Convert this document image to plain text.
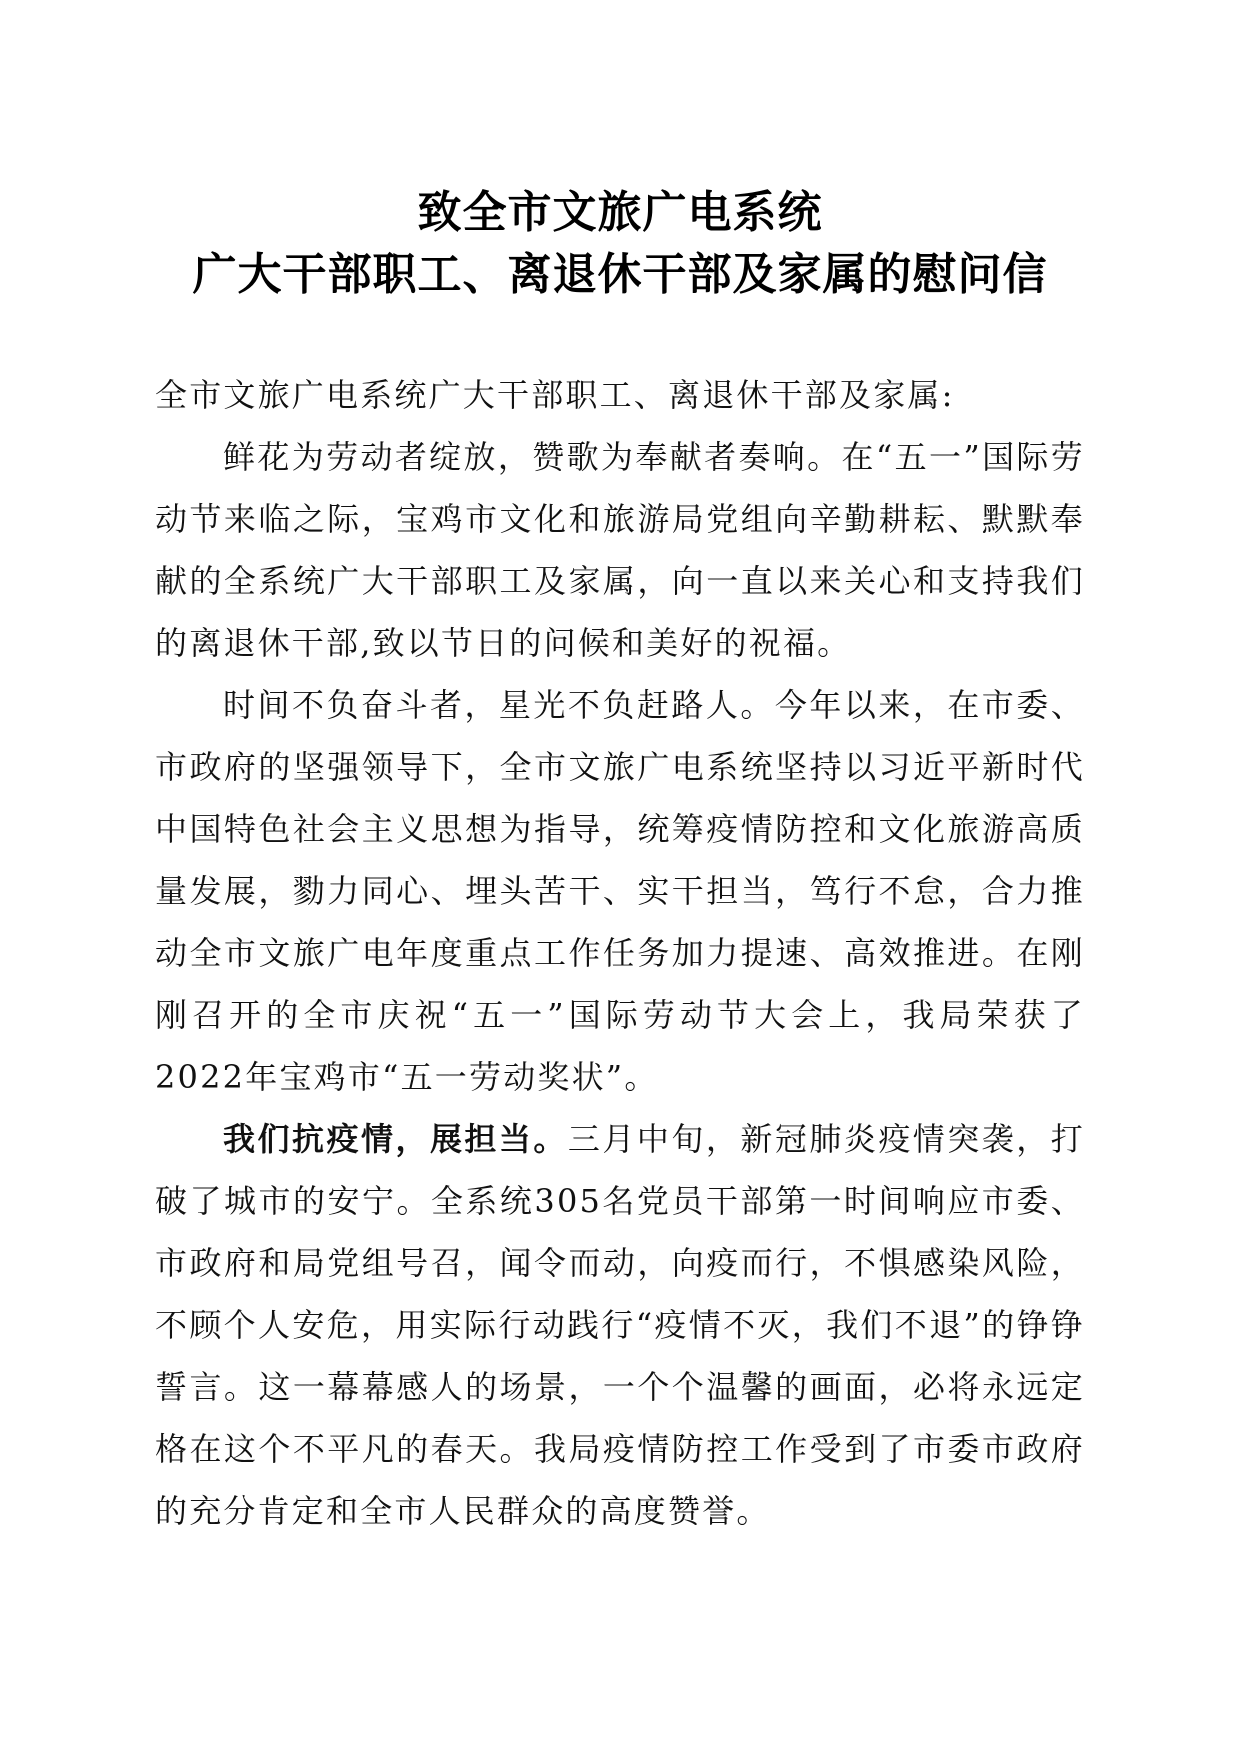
致全市文旅广电系统
广大干部职工、离退休干部及家属的慰问信

全市文旅广电系统广大干部职工、离退休干部及家属:

鲜花为劳动者绽放，赞歌为奉献者奏响。在“五一”国际劳动节来临之际，宝鸡市文化和旅游局党组向辛勤耕耘、默默奉献的全系统广大干部职工及家属，向一直以来关心和支持我们的离退休干部,致以节日的问候和美好的祝福。

时间不负奋斗者，星光不负赶路人。今年以来，在市委、市政府的坚强领导下，全市文旅广电系统坚持以习近平新时代中国特色社会主义思想为指导，统筹疫情防控和文化旅游高质量发展，勠力同心、埋头苦干、实干担当，笃行不怠，合力推动全市文旅广电年度重点工作任务加力提速、高效推进。在刚刚召开的全市庆祝“五一”国际劳动节大会上，我局荣获了2022年宝鸡市“五一劳动奖状”。

我们抗疫情，展担当。三月中旬，新冠肺炎疫情突袭，打破了城市的安宁。全系统305名党员干部第一时间响应市委、市政府和局党组号召，闻令而动，向疫而行，不惧感染风险，不顾个人安危，用实际行动践行“疫情不灭，我们不退”的铮铮誓言。这一幕幕感人的场景，一个个温馨的画面，必将永远定格在这个不平凡的春天。我局疫情防控工作受到了市委市政府的充分肯定和全市人民群众的高度赞誉。
